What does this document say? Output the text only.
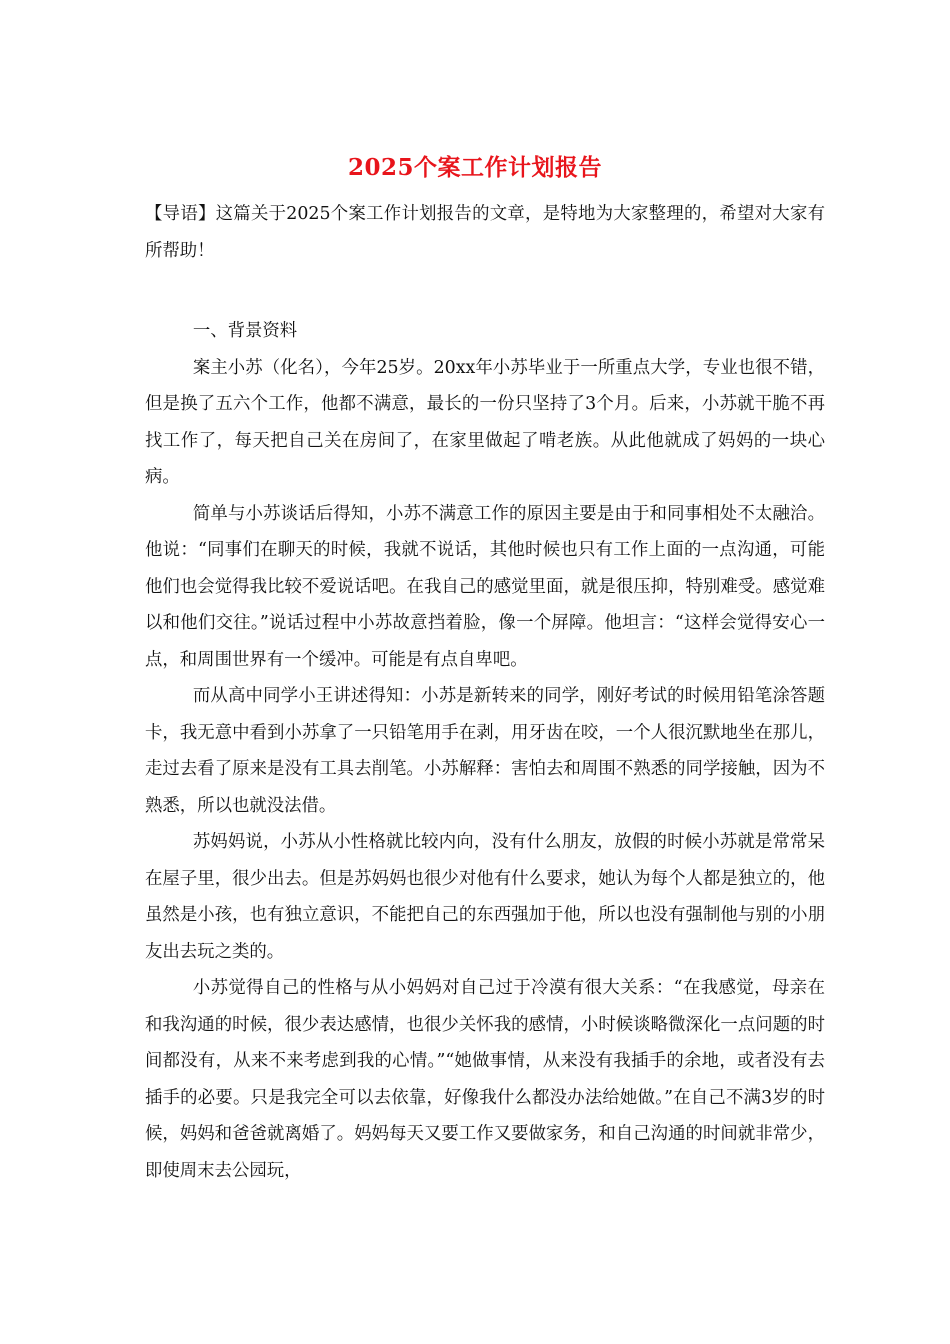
2025个案工作计划报告

【导语】这篇关于2025个案工作计划报告的文章，是特地为大家整理的，希望对大家有所帮助！

一、背景资料

案主小苏（化名），今年25岁。20xx年小苏毕业于一所重点大学，专业也很不错，但是换了五六个工作，他都不满意，最长的一份只坚持了3个月。后来，小苏就干脆不再找工作了，每天把自己关在房间了，在家里做起了啃老族。从此他就成了妈妈的一块心病。

简单与小苏谈话后得知，小苏不满意工作的原因主要是由于和同事相处不太融洽。他说：“同事们在聊天的时候，我就不说话，其他时候也只有工作上面的一点沟通，可能他们也会觉得我比较不爱说话吧。在我自己的感觉里面，就是很压抑，特别难受。感觉难以和他们交往。”说话过程中小苏故意挡着脸，像一个屏障。他坦言：“这样会觉得安心一点，和周围世界有一个缓冲。可能是有点自卑吧。

而从高中同学小王讲述得知：小苏是新转来的同学，刚好考试的时候用铅笔涂答题卡，我无意中看到小苏拿了一只铅笔用手在剥，用牙齿在咬，一个人很沉默地坐在那儿，走过去看了原来是没有工具去削笔。小苏解释：害怕去和周围不熟悉的同学接触，因为不熟悉，所以也就没法借。

苏妈妈说，小苏从小性格就比较内向，没有什么朋友，放假的时候小苏就是常常呆在屋子里，很少出去。但是苏妈妈也很少对他有什么要求，她认为每个人都是独立的，他虽然是小孩，也有独立意识，不能把自己的东西强加于他，所以也没有强制他与别的小朋友出去玩之类的。

小苏觉得自己的性格与从小妈妈对自己过于冷漠有很大关系：“在我感觉，母亲在和我沟通的时候，很少表达感情，也很少关怀我的感情，小时候谈略微深化一点问题的时间都没有，从来不来考虑到我的心情。”“她做事情，从来没有我插手的余地，或者没有去插手的必要。只是我完全可以去依靠，好像我什么都没办法给她做。”在自己不满3岁的时候，妈妈和爸爸就离婚了。妈妈每天又要工作又要做家务，和自己沟通的时间就非常少，即使周末去公园玩，
